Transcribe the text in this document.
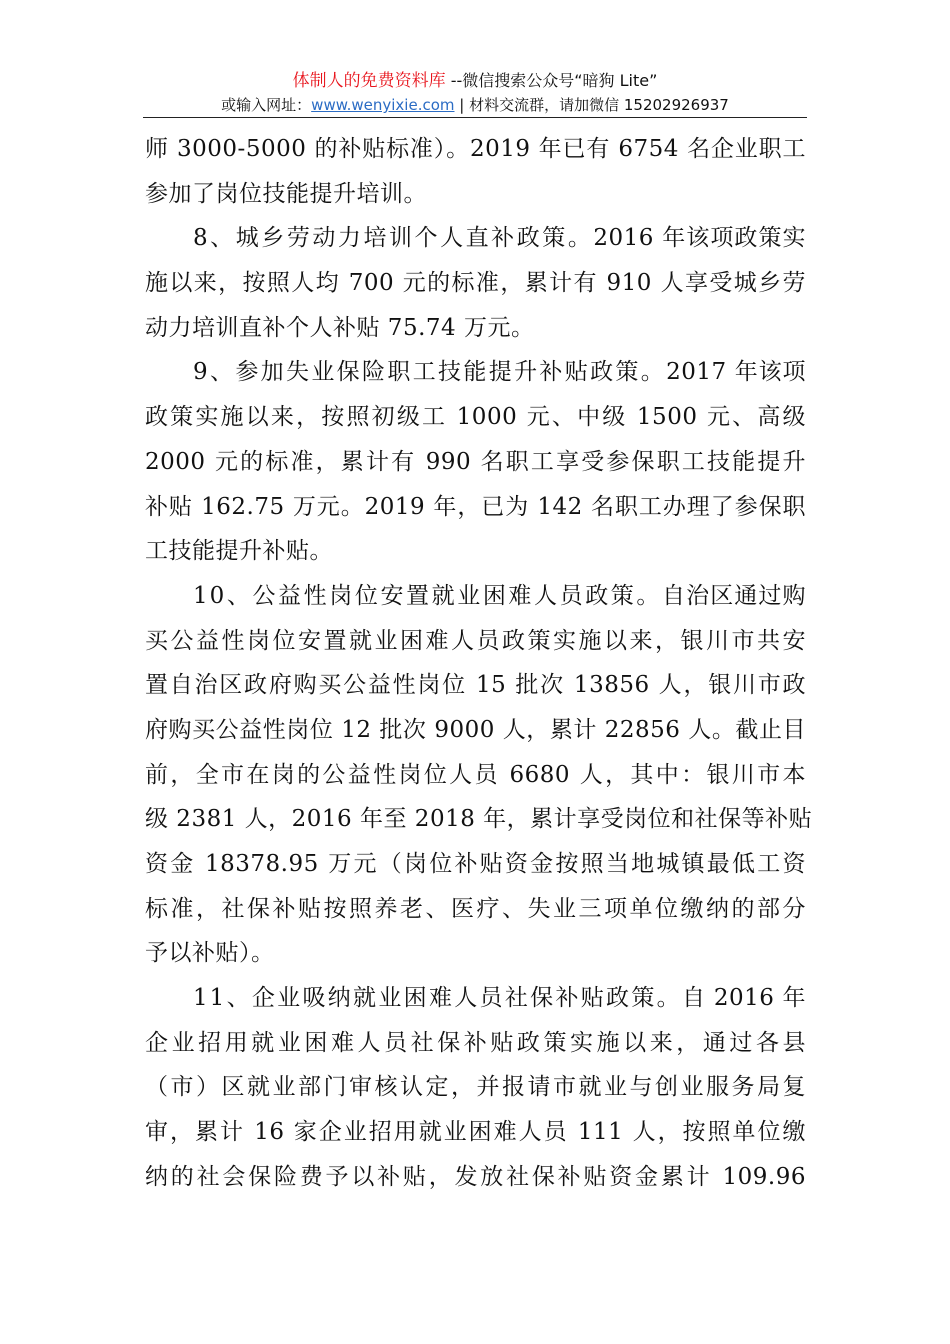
体制人的免费资料库 --微信搜索公众号“暗狗 Lite”
或输入网址：www.wenyixie.com | 材料交流群，请加微信 15202926937
师 3000-5000 的补贴标准）。2019 年已有 6754 名企业职工
参加了岗位技能提升培训。
8、城乡劳动力培训个人直补政策。2016 年该项政策实
施以来，按照人均 700 元的标准，累计有 910 人享受城乡劳
动力培训直补个人补贴 75.74 万元。
9、参加失业保险职工技能提升补贴政策。2017 年该项
政策实施以来，按照初级工 1000 元、中级 1500 元、高级
2000 元的标准，累计有 990 名职工享受参保职工技能提升
补贴 162.75 万元。2019 年，已为 142 名职工办理了参保职
工技能提升补贴。
10、公益性岗位安置就业困难人员政策。自治区通过购
买公益性岗位安置就业困难人员政策实施以来，银川市共安
置自治区政府购买公益性岗位 15 批次 13856 人，银川市政
府购买公益性岗位 12 批次 9000 人，累计 22856 人。截止目
前，全市在岗的公益性岗位人员 6680 人，其中：银川市本
级 2381 人，2016 年至 2018 年，累计享受岗位和社保等补贴
资金 18378.95 万元（岗位补贴资金按照当地城镇最低工资
标准，社保补贴按照养老、医疗、失业三项单位缴纳的部分
予以补贴）。
11、企业吸纳就业困难人员社保补贴政策。自 2016 年
企业招用就业困难人员社保补贴政策实施以来，通过各县
（市）区就业部门审核认定，并报请市就业与创业服务局复
审，累计 16 家企业招用就业困难人员 111 人，按照单位缴
纳的社会保险费予以补贴，发放社保补贴资金累计 109.96
